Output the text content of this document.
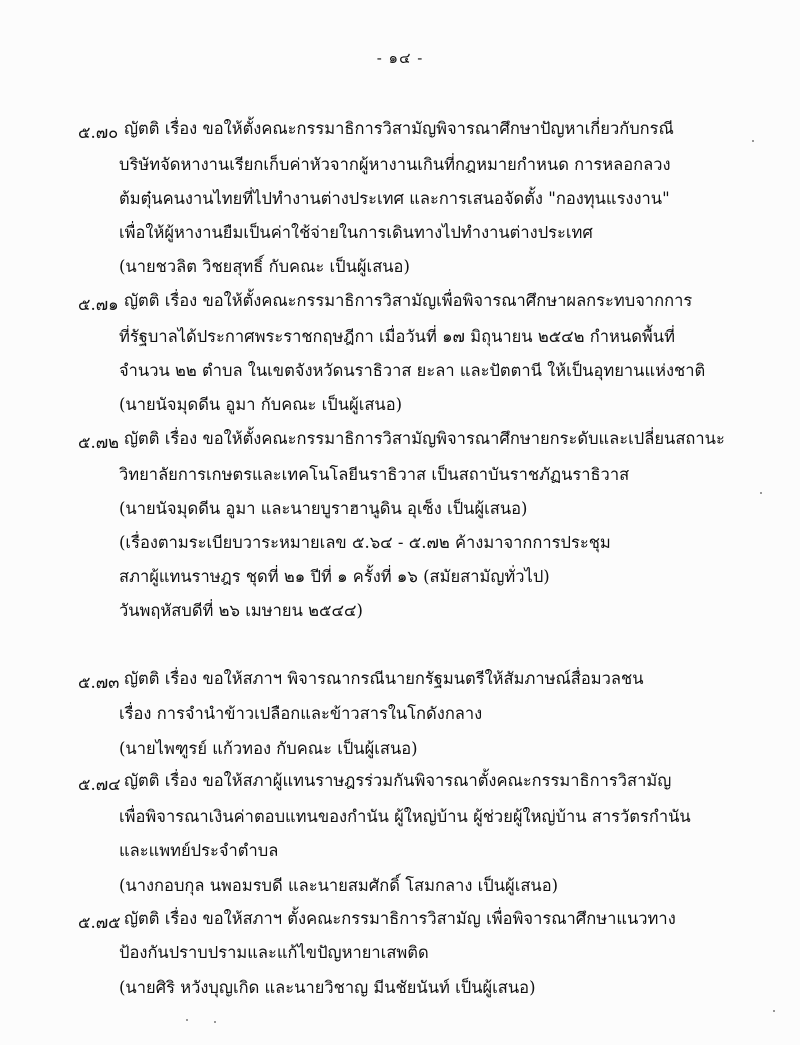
- ๑๔ -
๕.๗๐ ญัตติ เรื่อง ขอให้ตั้งคณะกรรมาธิการวิสามัญพิจารณาศึกษาปัญหาเกี่ยวกับกรณี
บริษัทจัดหางานเรียกเก็บค่าหัวจากผู้หางานเกินที่กฎหมายกำหนด การหลอกลวง
ต้มตุ๋นคนงานไทยที่ไปทำงานต่างประเทศ และการเสนอจัดตั้ง "กองทุนแรงงาน"
เพื่อให้ผู้หางานยืมเป็นค่าใช้จ่ายในการเดินทางไปทำงานต่างประเทศ
(นายชวลิต วิชยสุทธิ์ กับคณะ เป็นผู้เสนอ)
๕.๗๑ ญัตติ เรื่อง ขอให้ตั้งคณะกรรมาธิการวิสามัญเพื่อพิจารณาศึกษาผลกระทบจากการ
ที่รัฐบาลได้ประกาศพระราชกฤษฎีกา เมื่อวันที่ ๑๗ มิถุนายน ๒๕๔๒ กำหนดพื้นที่
จำนวน ๒๒ ตำบล ในเขตจังหวัดนราธิวาส ยะลา และปัตตานี ให้เป็นอุทยานแห่งชาติ
(นายนัจมุดดีน อูมา กับคณะ เป็นผู้เสนอ)
๕.๗๒ ญัตติ เรื่อง ขอให้ตั้งคณะกรรมาธิการวิสามัญพิจารณาศึกษายกระดับและเปลี่ยนสถานะ
วิทยาลัยการเกษตรและเทคโนโลยีนราธิวาส เป็นสถาบันราชภัฏนราธิวาส
(นายนัจมุดดีน อูมา และนายบูราฮานูดิน อุเซ็ง เป็นผู้เสนอ)
(เรื่องตามระเบียบวาระหมายเลข ๕.๖๔ - ๕.๗๒ ค้างมาจากการประชุม
สภาผู้แทนราษฎร ชุดที่ ๒๑ ปีที่ ๑ ครั้งที่ ๑๖ (สมัยสามัญทั่วไป)
วันพฤหัสบดีที่ ๒๖ เมษายน ๒๕๔๔)
๕.๗๓ ญัตติ เรื่อง ขอให้สภาฯ พิจารณากรณีนายกรัฐมนตรีให้สัมภาษณ์สื่อมวลชน
เรื่อง การจำนำข้าวเปลือกและข้าวสารในโกดังกลาง
(นายไพฑูรย์ แก้วทอง กับคณะ เป็นผู้เสนอ)
๕.๗๔ ญัตติ เรื่อง ขอให้สภาผู้แทนราษฎรร่วมกันพิจารณาตั้งคณะกรรมาธิการวิสามัญ
เพื่อพิจารณาเงินค่าตอบแทนของกำนัน ผู้ใหญ่บ้าน ผู้ช่วยผู้ใหญ่บ้าน สารวัตรกำนัน
และแพทย์ประจำตำบล
(นางกอบกุล นพอมรบดี และนายสมศักดิ์ โสมกลาง เป็นผู้เสนอ)
๕.๗๕ ญัตติ เรื่อง ขอให้สภาฯ ตั้งคณะกรรมาธิการวิสามัญ เพื่อพิจารณาศึกษาแนวทาง
ป้องกันปราบปรามและแก้ไขปัญหายาเสพติด
(นายศิริ หวังบุญเกิด และนายวิชาญ มีนชัยนันท์ เป็นผู้เสนอ)
